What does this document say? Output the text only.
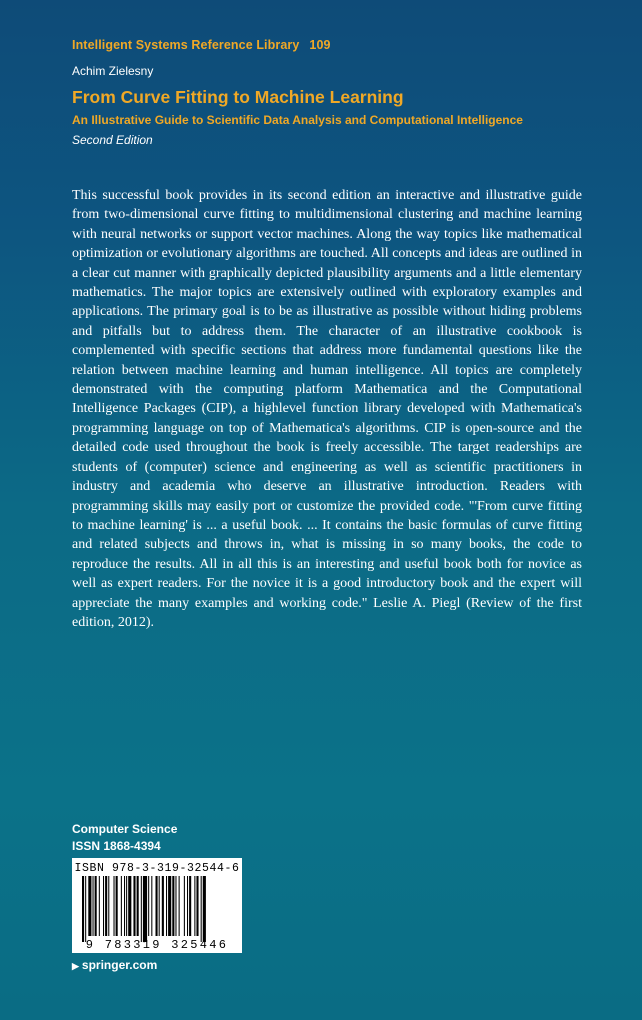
Intelligent Systems Reference Library 109
Achim Zielesny
From Curve Fitting to Machine Learning
An Illustrative Guide to Scientific Data Analysis and Computational Intelligence
Second Edition

This successful book provides in its second edition an interactive and illustrative guide from two-dimensional curve fitting to multidimensional clustering and machine learning with neural networks or support vector machines. Along the way topics like mathematical optimization or evolutionary algorithms are touched. All concepts and ideas are outlined in a clear cut manner with graphically depicted plausibility arguments and a little elementary mathematics. The major topics are extensively outlined with exploratory examples and applications. The primary goal is to be as illustrative as possible without hiding problems and pitfalls but to address them. The character of an illustrative cookbook is complemented with specific sections that address more fundamental questions like the relation between machine learning and human intelligence. All topics are completely demonstrated with the computing platform Mathematica and the Computational Intelligence Packages (CIP), a highlevel function library developed with Mathematica's programming language on top of Mathematica's algorithms. CIP is open-source and the detailed code used throughout the book is freely accessible. The target readerships are students of (computer) science and engineering as well as scientific practitioners in industry and academia who deserve an illustrative introduction. Readers with programming skills may easily port or customize the provided code. "'From curve fitting to machine learning' is ... a useful book. ... It contains the basic formulas of curve fitting and related subjects and throws in, what is missing in so many books, the code to reproduce the results. All in all this is an interesting and useful book both for novice as well as expert readers. For the novice it is a good introductory book and the expert will appreciate the many examples and working code." Leslie A. Piegl (Review of the first edition, 2012).

Computer Science
ISSN 1868-4394
ISBN 978-3-319-32544-6
9 783319 325446
▶ springer.com
